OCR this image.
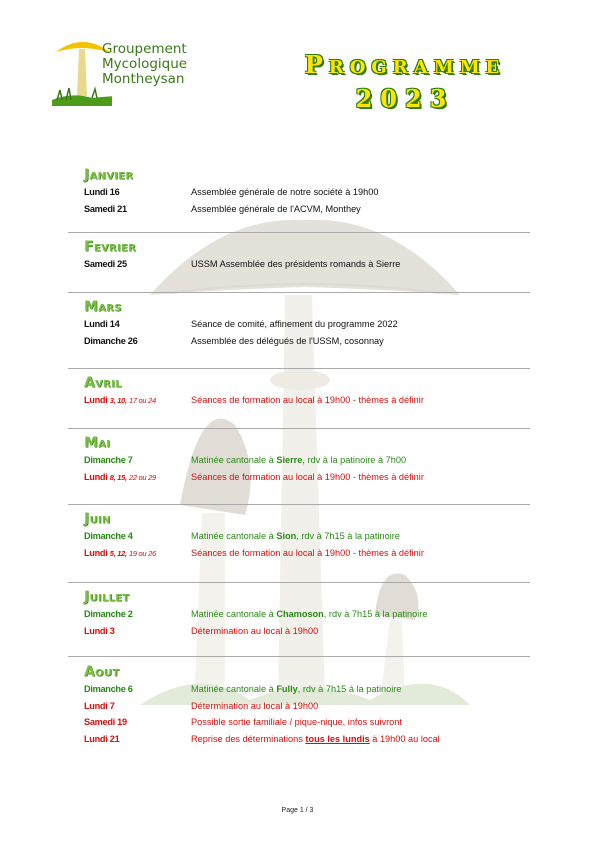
Groupement
Mycologique
Montheysan	PROGRAMME
2023
Janvier
Lundi 16	Assemblée générale de notre société à 19h00
Samedi 21	Assemblée générale de l'ACVM, Monthey
Fevrier
Samedi 25	USSM Assemblée des présidents romands à Sierre
Mars
Lundi 14	Séance de comité, affinement du programme 2022
Dimanche 26	Assemblée des délégués de l'USSM, cosonnay
Avril
Lundi 3, 10, 17 ou 24	Séances de formation au local à 19h00 - thèmes à définir
Mai
Dimanche 7	Matinée cantonale à Sierre, rdv à la patinoire à 7h00
Lundi 8, 15, 22 ou 29	Séances de formation au local à 19h00 - thèmes à définir
Juin
Dimanche 4	Matinée cantonale à Sion, rdv à 7h15 à la patinoire
Lundi 5, 12, 19 ou 26	Séances de formation au local à 19h00 - thèmes à définir
Juillet
Dimanche 2	Matinée cantonale à Chamoson, rdv à 7h15 à la patinoire
Lundi 3	Détermination au local à 19h00
Aout
Dimanche 6	Matinée cantonale à Fully, rdv à 7h15 à la patinoire
Lundi 7	Détermination au local à 19h00
Samedi 19	Possible sortie familiale / pique-nique, infos suivront
Lundi 21	Reprise des déterminations tous les lundis à 19h00 au local
Page 1 / 3
